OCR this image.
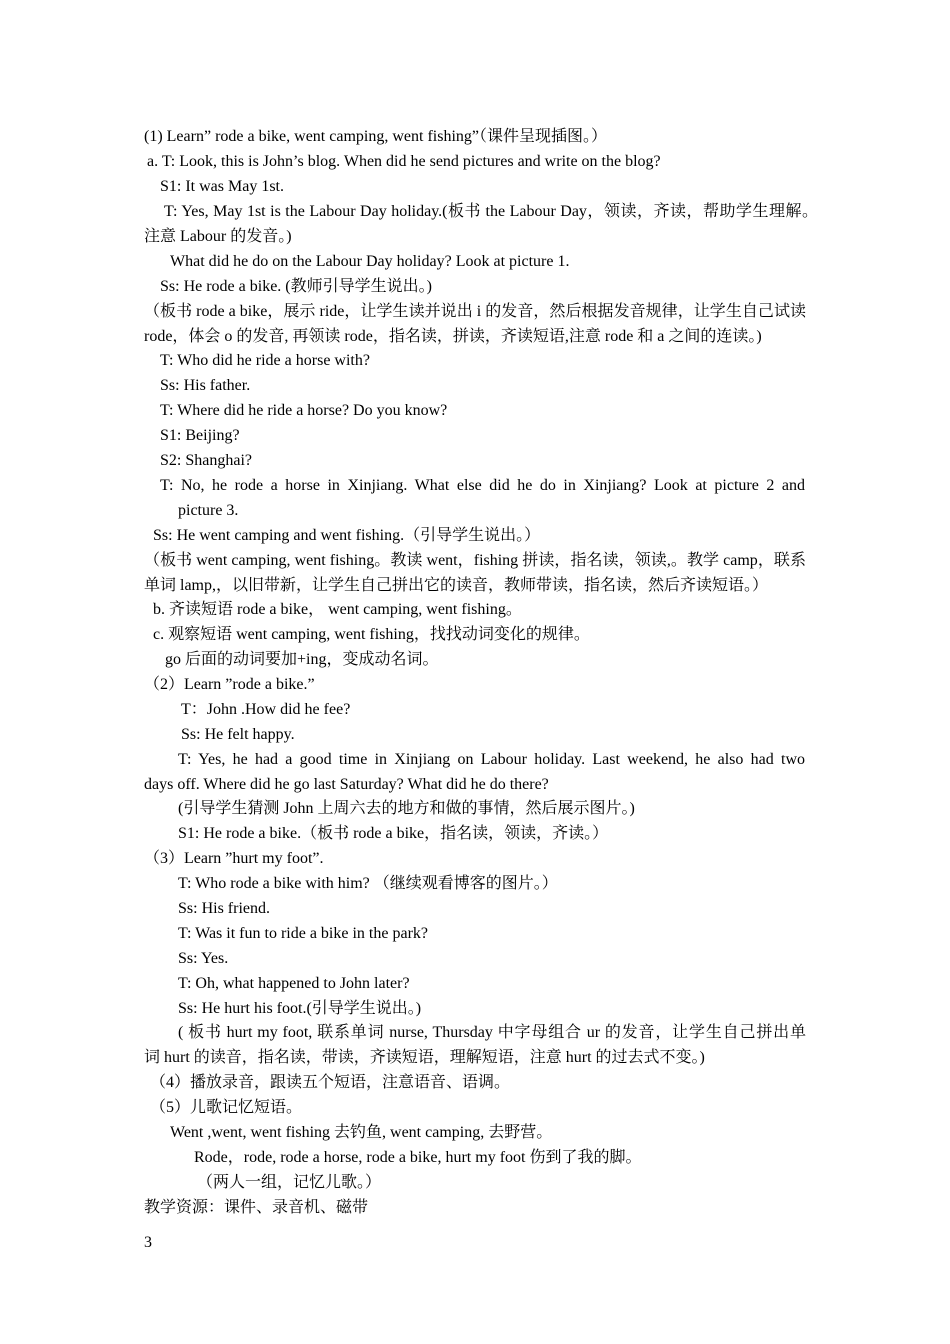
(1) Learn” rode a bike, went camping, went fishing”（课件呈现插图。）
a. T: Look, this is John’s blog. When did he send pictures and write on the blog?
S1: It was May 1st.
T: Yes, May 1st is the Labour Day holiday.(板书 the Labour Day，领读，齐读，帮助学生理解。
注意 Labour 的发音。)
What did he do on the Labour Day holiday? Look at picture 1.
Ss: He rode a bike. (教师引导学生说出。)
（板书 rode a bike，展示 ride，让学生读并说出 i 的发音，然后根据发音规律，让学生自己试读
rode，体会 o 的发音, 再领读 rode，指名读，拼读，齐读短语,注意 rode 和 a 之间的连读。)
T: Who did he ride a horse with?
Ss: His father.
T: Where did he ride a horse? Do you know?
S1: Beijing?
S2: Shanghai?
T: No, he rode a horse in Xinjiang. What else did he do in Xinjiang? Look at picture 2 and
picture 3.
Ss: He went camping and went fishing.（引导学生说出。）
（板书 went camping, went fishing。教读 went，fishing 拼读，指名读，领读,。教学 camp，联系
单词 lamp,，以旧带新，让学生自己拼出它的读音，教师带读，指名读，然后齐读短语。）
b. 齐读短语 rode a bike， went camping, went fishing。
c. 观察短语 went camping, went fishing，找找动词变化的规律。
go 后面的动词要加+ing，变成动名词。
（2）Learn ”rode a bike.”
T：John .How did he fee?
Ss: He felt happy.
T: Yes, he had a good time in Xinjiang on Labour holiday. Last weekend, he also had two
days off. Where did he go last Saturday? What did he do there?
(引导学生猜测 John 上周六去的地方和做的事情，然后展示图片。)
S1: He rode a bike.（板书 rode a bike，指名读，领读，齐读。）
（3）Learn ”hurt my foot”.
T: Who rode a bike with him? （继续观看博客的图片。）
Ss: His friend.
T: Was it fun to ride a bike in the park?
Ss: Yes.
T: Oh, what happened to John later?
Ss: He hurt his foot.(引导学生说出。)
( 板书 hurt my foot, 联系单词 nurse, Thursday 中字母组合 ur 的发音，让学生自己拼出单
词 hurt 的读音，指名读，带读，齐读短语，理解短语，注意 hurt 的过去式不变。)
（4）播放录音，跟读五个短语，注意语音、语调。
（5）儿歌记忆短语。
Went ,went, went fishing 去钓鱼, went camping, 去野营。
Rode，rode, rode a horse, rode a bike, hurt my foot 伤到了我的脚。
（两人一组，记忆儿歌。）
教学资源：课件、录音机、磁带
3
